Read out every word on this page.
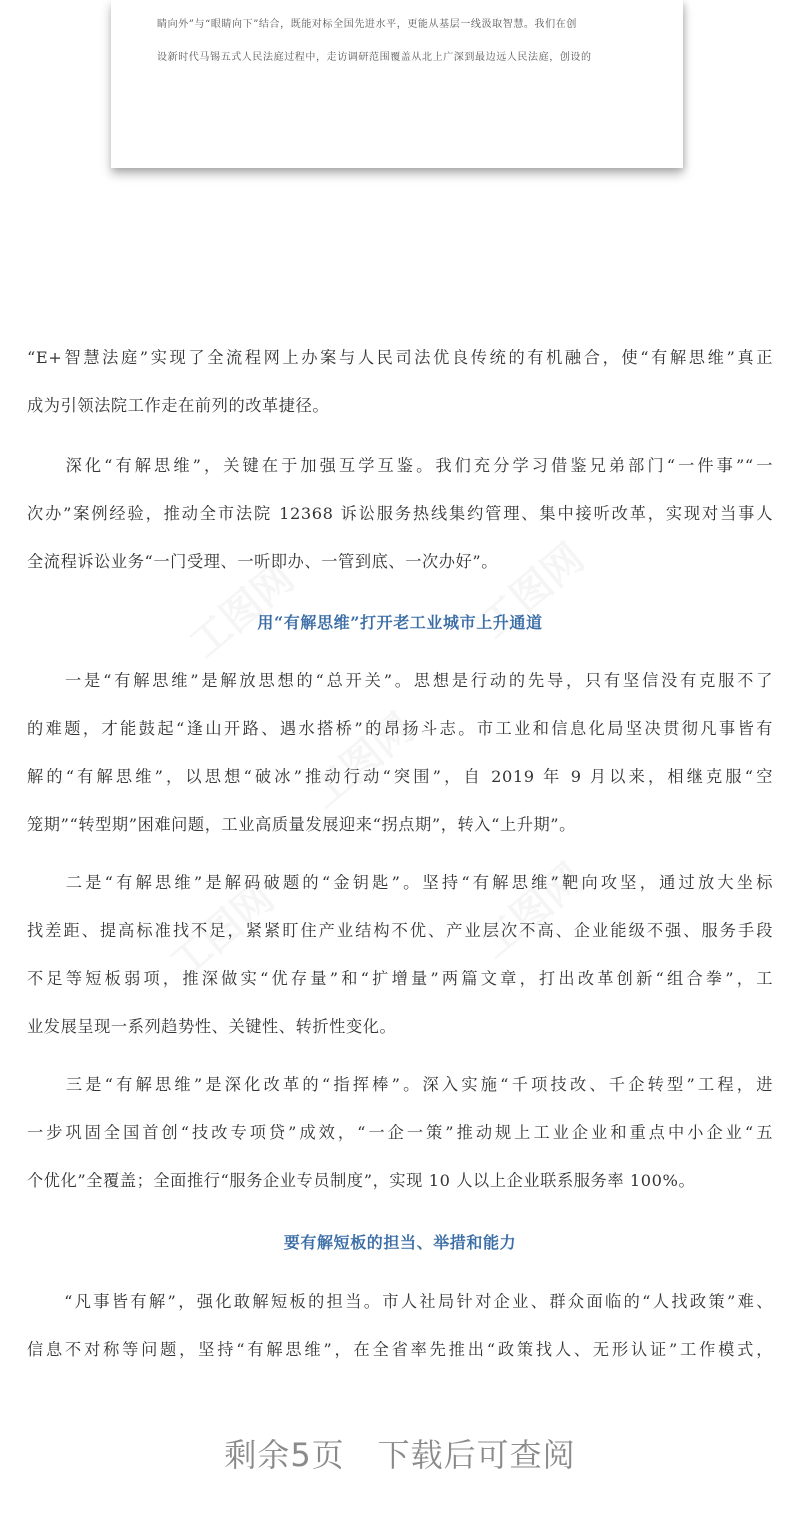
工图网	工图网
工图网
工图网	工图网
睛向外”与“眼睛向下”结合，既能对标全国先进水平，更能从基层一线汲取智慧。我们在创
设新时代马锡五式人民法庭过程中，走访调研范围覆盖从北上广深到最边远人民法庭，创设的
“E+智慧法庭”实现了全流程网上办案与人民司法优良传统的有机融合，使“有解思维”真正
成为引领法院工作走在前列的改革捷径。
　　深化“有解思维”，关键在于加强互学互鉴。我们充分学习借鉴兄弟部门“一件事”“一
次办”案例经验，推动全市法院 12368 诉讼服务热线集约管理、集中接听改革，实现对当事人
全流程诉讼业务“一门受理、一听即办、一管到底、一次办好”。
用“有解思维”打开老工业城市上升通道
　　一是“有解思维”是解放思想的“总开关”。思想是行动的先导，只有坚信没有克服不了
的难题，才能鼓起“逢山开路、遇水搭桥”的昂扬斗志。市工业和信息化局坚决贯彻凡事皆有
解的“有解思维”，以思想“破冰”推动行动“突围”，自 2019 年 9 月以来，相继克服“空
笼期”“转型期”困难问题，工业高质量发展迎来“拐点期”，转入“上升期”。
　　二是“有解思维”是解码破题的“金钥匙”。坚持“有解思维”靶向攻坚，通过放大坐标
找差距、提高标准找不足，紧紧盯住产业结构不优、产业层次不高、企业能级不强、服务手段
不足等短板弱项，推深做实“优存量”和“扩增量”两篇文章，打出改革创新“组合拳”，工
业发展呈现一系列趋势性、关键性、转折性变化。
　　三是“有解思维”是深化改革的“指挥棒”。深入实施“千项技改、千企转型”工程，进
一步巩固全国首创“技改专项贷”成效，“一企一策”推动规上工业企业和重点中小企业“五
个优化”全覆盖；全面推行“服务企业专员制度”，实现 10 人以上企业联系服务率 100%。
要有解短板的担当、举措和能力
　　“凡事皆有解”，强化敢解短板的担当。市人社局针对企业、群众面临的“人找政策”难、
信息不对称等问题，坚持“有解思维”，在全省率先推出“政策找人、无形认证”工作模式，
剩余5页　下载后可查阅
